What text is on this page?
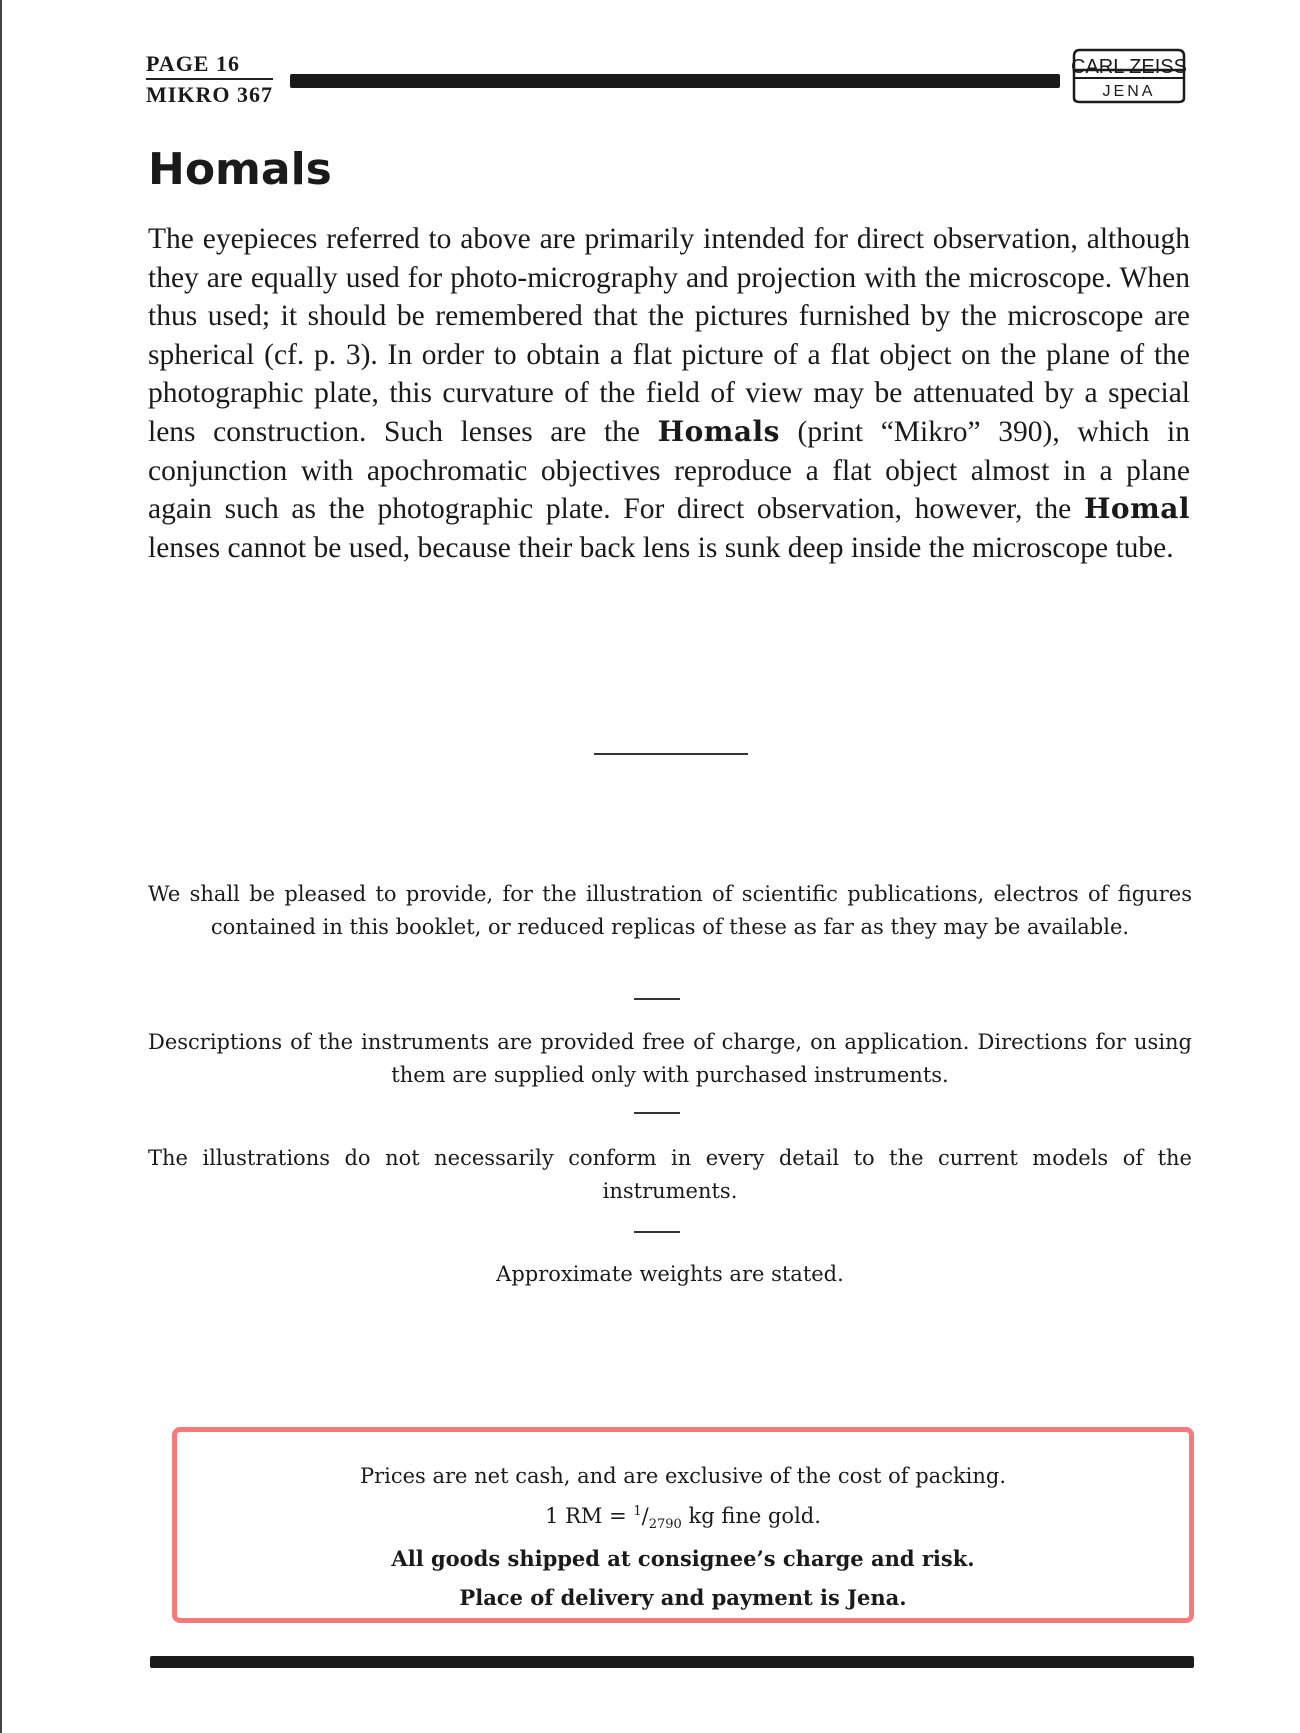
PAGE 16
MIKRO 367
CARL ZEISS
JENA
Homals

The eyepieces referred to above are primarily intended for direct observation, although they are equally used for photo-micrography and projection with the microscope. When thus used; it should be remembered that the pictures furnished by the microscope are spherical (cf. p. 3). In order to obtain a flat picture of a flat object on the plane of the photographic plate, this curvature of the field of view may be attenuated by a special lens construction. Such lenses are the Homals (print “Mikro” 390), which in conjunction with apochromatic objectives reproduce a flat object almost in a plane again such as the photographic plate. For direct observation, however, the Homal lenses cannot be used, because their back lens is sunk deep inside the microscope tube.

We shall be pleased to provide, for the illustration of scientific publications, electros of figures contained in this booklet, or reduced replicas of these as far as they may be available.

Descriptions of the instruments are provided free of charge, on application. Directions for using them are supplied only with purchased instruments.

The illustrations do not necessarily conform in every detail to the current models of the instruments.

Approximate weights are stated.

Prices are net cash, and are exclusive of the cost of packing.
1 RM = $^1/_{2790}$ kg fine gold.
All goods shipped at consignee’s charge and risk.
Place of delivery and payment is Jena.
